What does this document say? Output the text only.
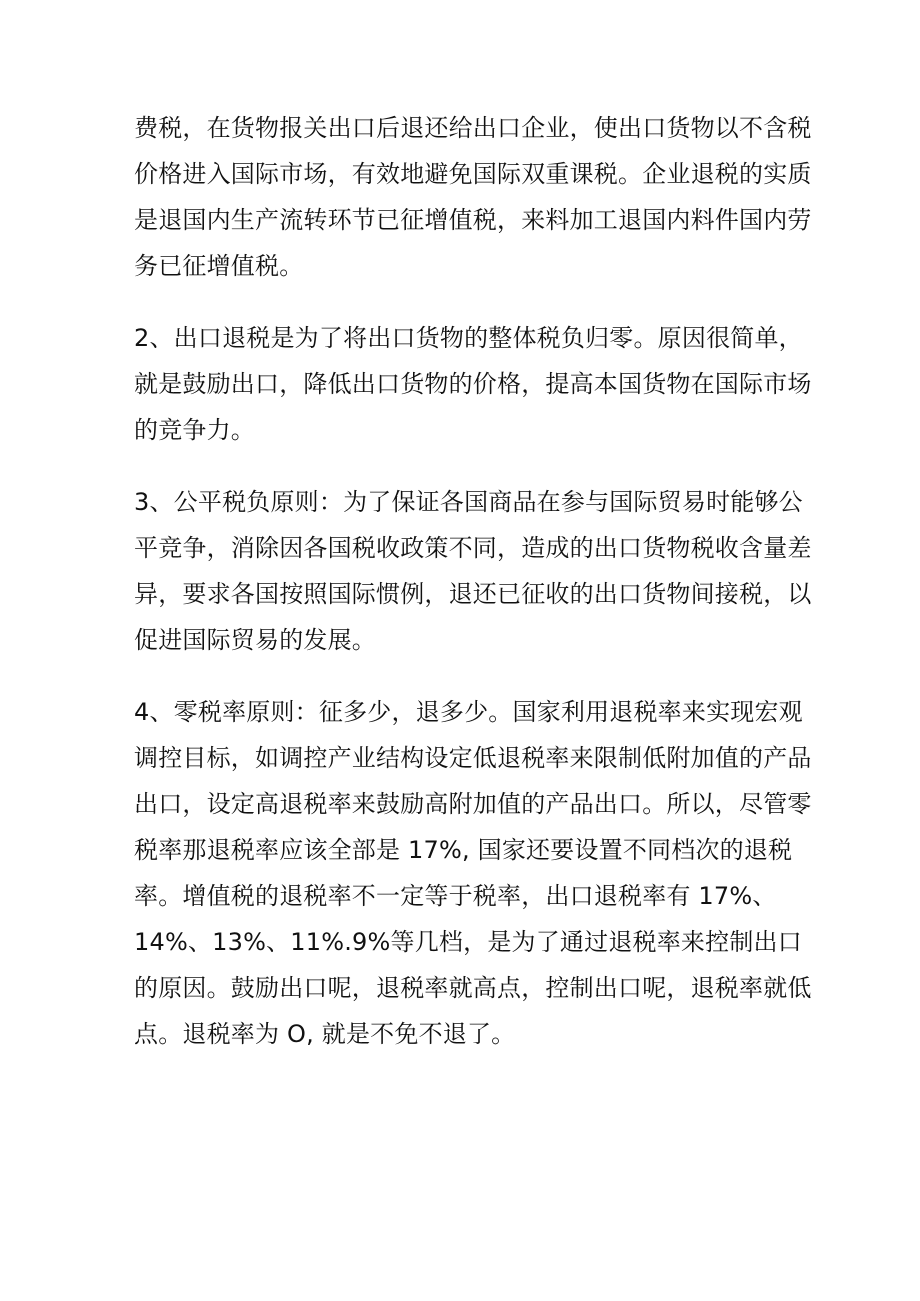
费税，在货物报关出口后退还给出口企业，使出口货物以不含税
价格进入国际市场，有效地避免国际双重课税。企业退税的实质
是退国内生产流转环节已征增值税，来料加工退国内料件国内劳
务已征增值税。

2、出口退税是为了将出口货物的整体税负归零。原因很简单，
就是鼓励出口，降低出口货物的价格，提高本国货物在国际市场
的竞争力。

3、公平税负原则：为了保证各国商品在参与国际贸易时能够公
平竞争，消除因各国税收政策不同，造成的出口货物税收含量差
异，要求各国按照国际惯例，退还已征收的出口货物间接税，以
促进国际贸易的发展。

4、零税率原则：征多少，退多少。国家利用退税率来实现宏观
调控目标，如调控产业结构设定低退税率来限制低附加值的产品
出口，设定高退税率来鼓励高附加值的产品出口。所以，尽管零
税率那退税率应该全部是 17%, 国家还要设置不同档次的退税
率。增值税的退税率不一定等于税率，出口退税率有 17%、
14%、13%、11%.9%等几档，是为了通过退税率来控制出口
的原因。鼓励出口呢，退税率就高点，控制出口呢，退税率就低
点。退税率为 O, 就是不免不退了。
